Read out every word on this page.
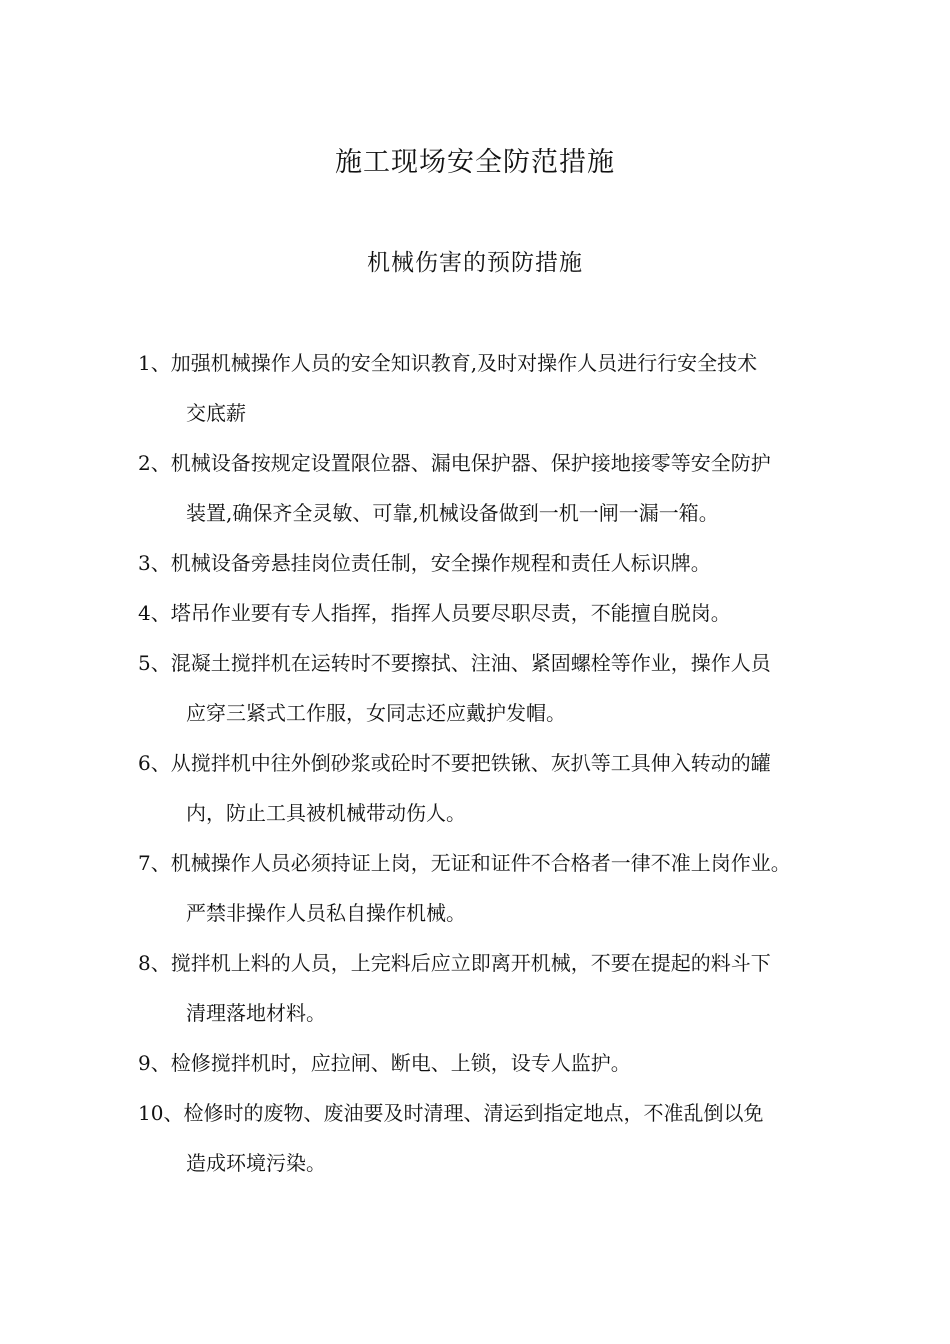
施工现场安全防范措施
机械伤害的预防措施
1、加强机械操作人员的安全知识教育,及时对操作人员进行行安全技术
交底薪
2、机械设备按规定设置限位器、漏电保护器、保护接地接零等安全防护
装置,确保齐全灵敏、可靠,机械设备做到一机一闸一漏一箱。
3、机械设备旁悬挂岗位责任制，安全操作规程和责任人标识牌。
4、塔吊作业要有专人指挥，指挥人员要尽职尽责，不能擅自脱岗。
5、混凝土搅拌机在运转时不要擦拭、注油、紧固螺栓等作业，操作人员
应穿三紧式工作服，女同志还应戴护发帽。
6、从搅拌机中往外倒砂浆或砼时不要把铁锹、灰扒等工具伸入转动的罐
内，防止工具被机械带动伤人。
7、机械操作人员必须持证上岗，无证和证件不合格者一律不准上岗作业。
严禁非操作人员私自操作机械。
8、搅拌机上料的人员，上完料后应立即离开机械，不要在提起的料斗下
清理落地材料。
9、检修搅拌机时，应拉闸、断电、上锁，设专人监护。
10、检修时的废物、废油要及时清理、清运到指定地点，不准乱倒以免
造成环境污染。
